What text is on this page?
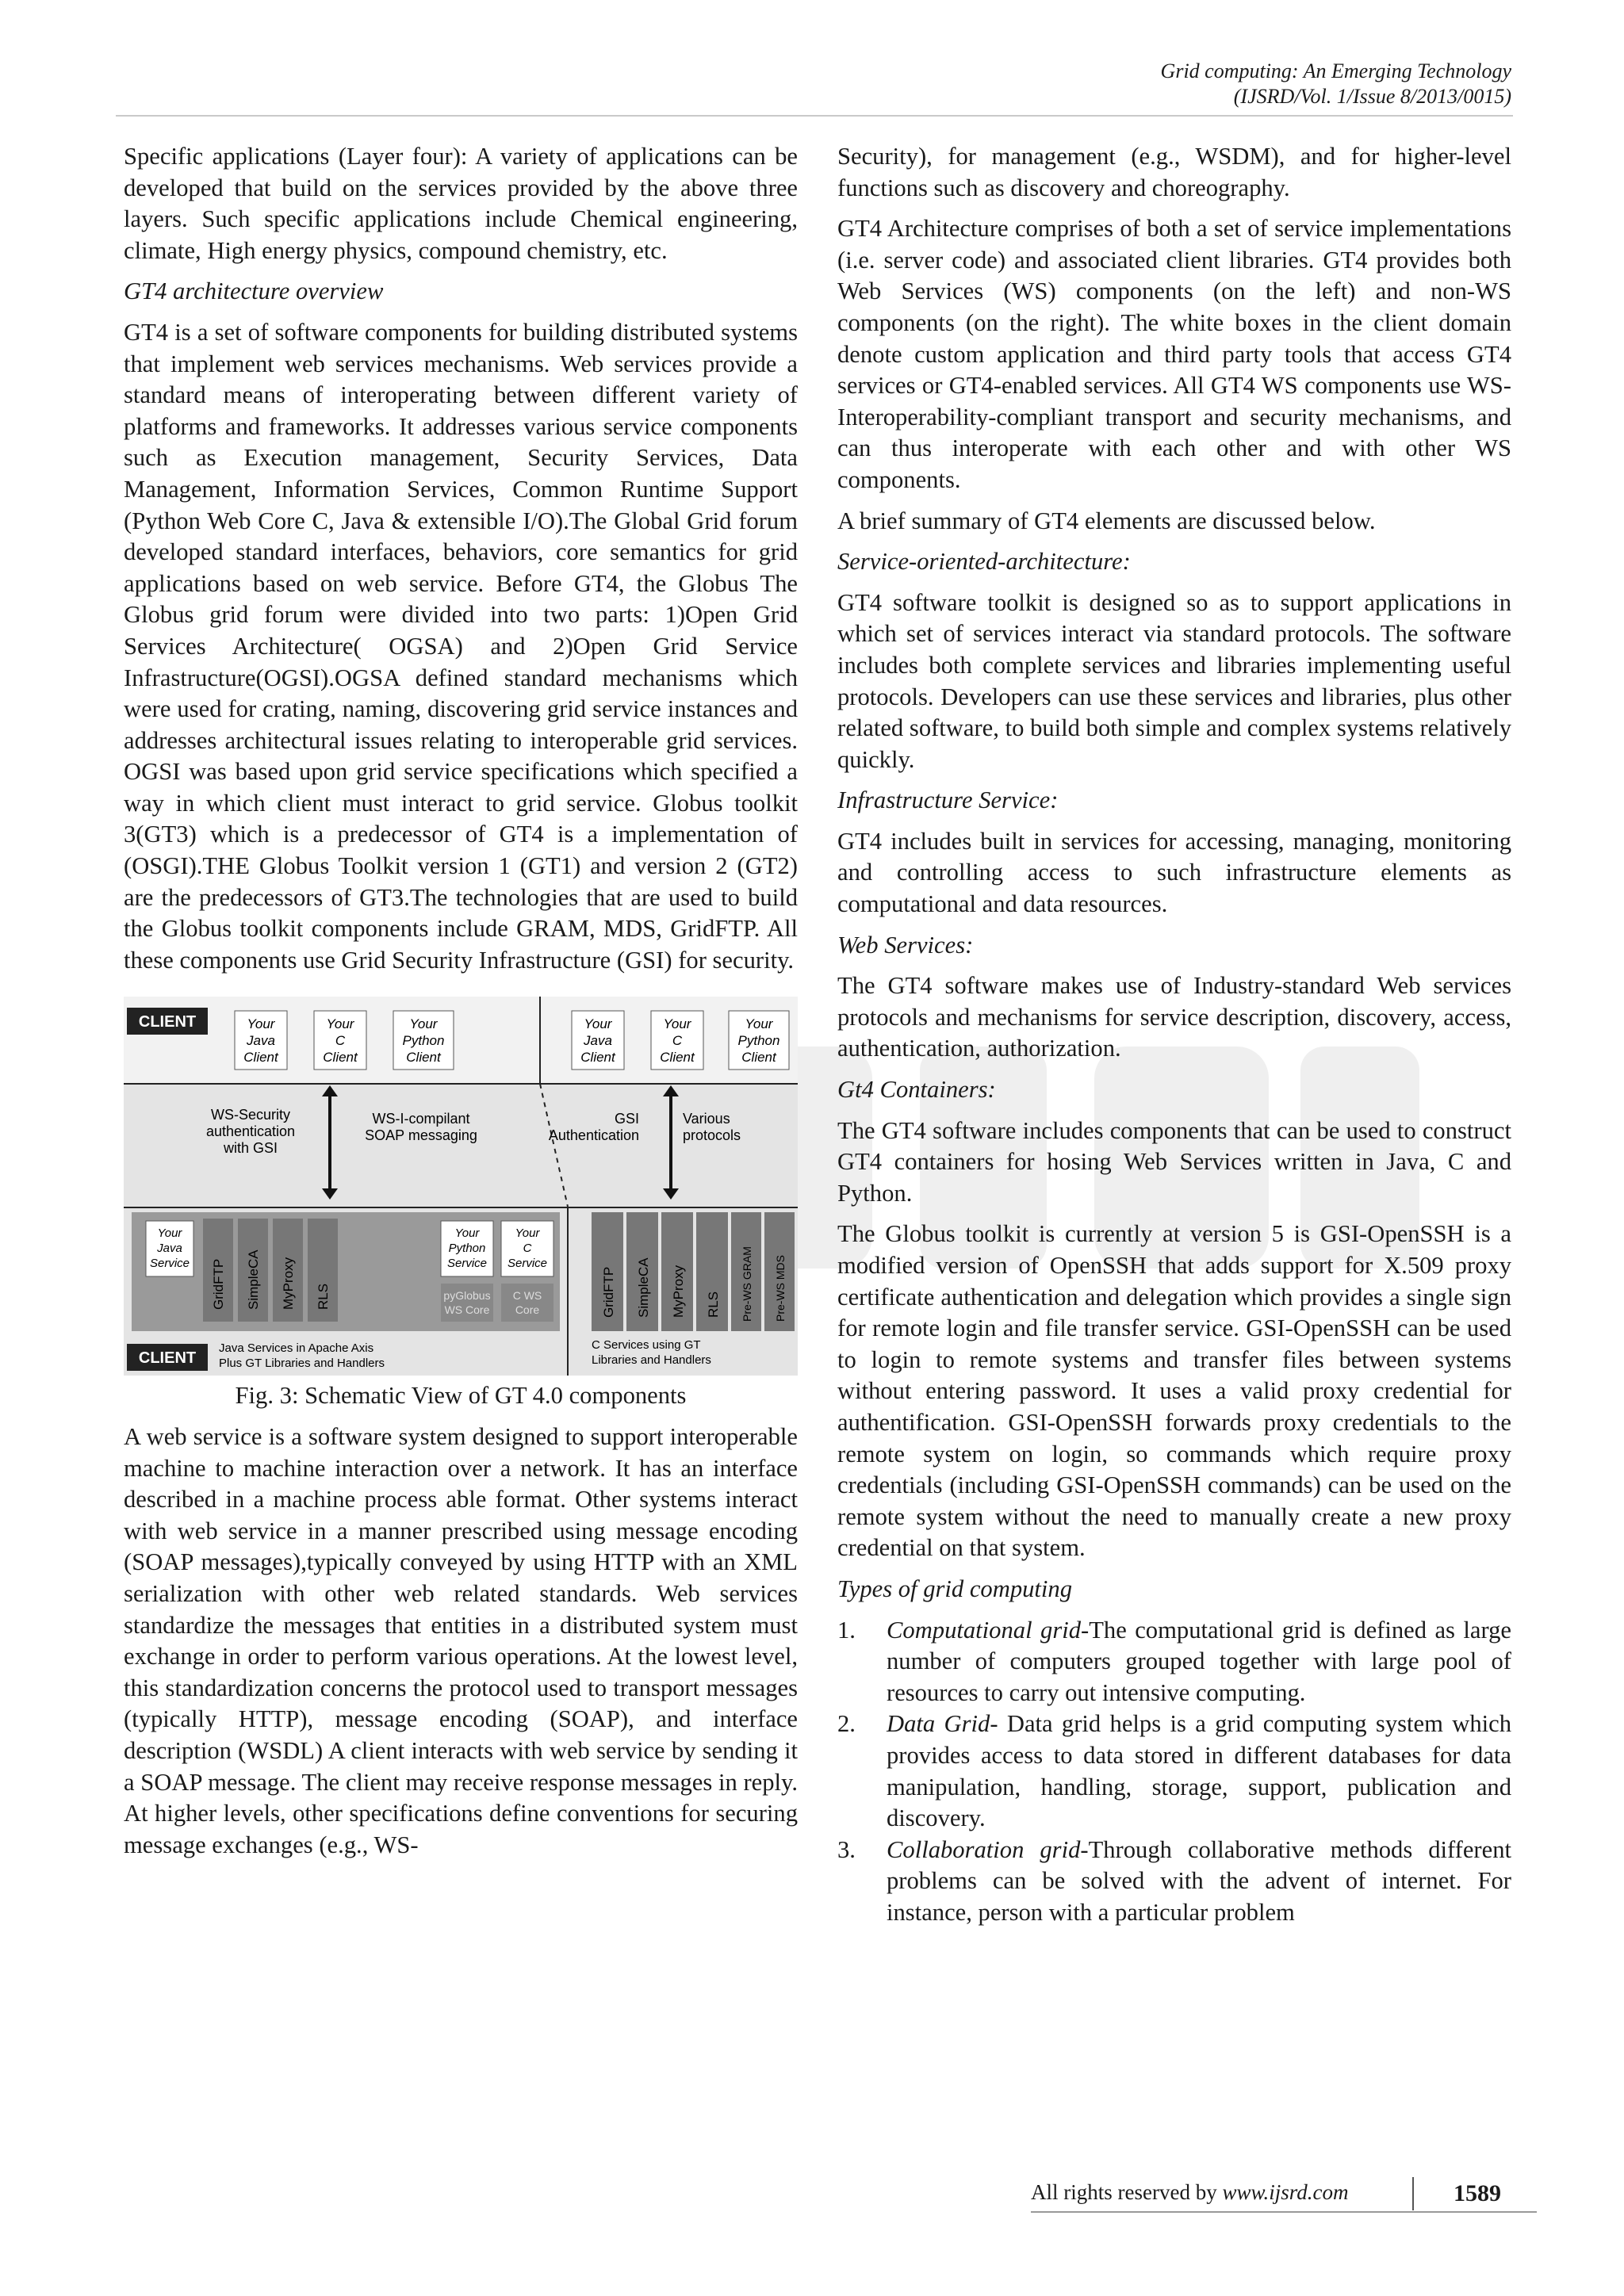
Grid computing: An Emerging Technology
(IJSRD/Vol. 1/Issue 8/2013/0015)

Specific applications (Layer four): A variety of applications can be developed that build on the services provided by the above three layers. Such specific applications include Chemical engineering, climate, High energy physics, compound chemistry, etc.

GT4 architecture overview

GT4 is a set of software components for building distributed systems that implement web services mechanisms. Web services provide a standard means of interoperating between different variety of platforms and frameworks. It addresses various service components such as Execution management, Security Services, Data Management, Information Services, Common Runtime Support (Python Web Core C, Java & extensible I/O).The Global Grid forum developed standard interfaces, behaviors, core semantics for grid applications based on web service. Before GT4, the Globus The Globus grid forum were divided into two parts: 1)Open Grid Services Architecture( OGSA) and 2)Open Grid Service Infrastructure(OGSI).OGSA defined standard mechanisms which were used for crating, naming, discovering grid service instances and addresses architectural issues relating to interoperable grid services. OGSI was based upon grid service specifications which specified a way in which client must interact to grid service. Globus toolkit 3(GT3) which is a predecessor of GT4 is a implementation of (OSGI).THE Globus Toolkit version 1 (GT1) and version 2 (GT2) are the predecessors of GT3.The technologies that are used to build the Globus toolkit components include GRAM, MDS, GridFTP. All these components use Grid Security Infrastructure (GSI) for security.

CLIENT	Your
Java
Client
Your
C
Client
Your
Python
Client
Your
Java
Client
Your
C
Client
Your
Python
Client
WS-Security
authentication
with GSI
WS-I-compilant
SOAP messaging
GSI
Authentication
Various
protocols
Your
Java
Service GridFTP SimpleCA MyProxy RLS
Your
Python
Service
Your
C
Service
pyGlobus
WS Core
C WS
Core	GridFTP SimpleCA MyProxy RLS Pre-WS GRAM Pre-WS MDS
CLIENT
Java Services in Apache Axis
Plus GT Libraries and Handlers
C Services using GT
Libraries and Handlers

Fig. 3: Schematic View of GT 4.0 components

A web service is a software system designed to support interoperable machine to machine interaction over a network. It has an interface described in a machine process able format. Other systems interact with web service in a manner prescribed using message encoding (SOAP messages),typically conveyed by using HTTP with an XML serialization with other web related standards. Web services standardize the messages that entities in a distributed system must exchange in order to perform various operations. At the lowest level, this standardization concerns the protocol used to transport messages (typically HTTP), message encoding (SOAP), and interface description (WSDL) A client interacts with web service by sending it a SOAP message. The client may receive response messages in reply. At higher levels, other specifications define conventions for securing message exchanges (e.g., WS-

Security), for management (e.g., WSDM), and for higher-level functions such as discovery and choreography.

GT4 Architecture comprises of both a set of service implementations (i.e. server code) and associated client libraries. GT4 provides both Web Services (WS) components (on the left) and non-WS components (on the right). The white boxes in the client domain denote custom application and third party tools that access GT4 services or GT4-enabled services. All GT4 WS components use WS-Interoperability-compliant transport and security mechanisms, and can thus interoperate with each other and with other WS components.

A brief summary of GT4 elements are discussed below.

Service-oriented-architecture:

GT4 software toolkit is designed so as to support applications in which set of services interact via standard protocols. The software includes both complete services and libraries implementing useful protocols. Developers can use these services and libraries, plus other related software, to build both simple and complex systems relatively quickly.

Infrastructure Service:

GT4 includes built in services for accessing, managing, monitoring and controlling access to such infrastructure elements as computational and data resources.

Web Services:

The GT4 software makes use of Industry-standard Web services protocols and mechanisms for service description, discovery, access, authentication, authorization.

Gt4 Containers:

The GT4 software includes components that can be used to construct GT4 containers for hosing Web Services written in Java, C and Python.

The Globus toolkit is currently at version 5 is GSI-OpenSSH is a modified version of OpenSSH that adds support for X.509 proxy certificate authentication and delegation which provides a single sign for remote login and file transfer service. GSI-OpenSSH can be used to login to remote systems and transfer files between systems without entering password. It uses a valid proxy credential for authentification. GSI-OpenSSH forwards proxy credentials to the remote system on login, so commands which require proxy credentials (including GSI-OpenSSH commands) can be used on the remote system without the need to manually create a new proxy credential on that system.

Types of grid computing

1. Computational grid-The computational grid is defined as large number of computers grouped together with large pool of resources to carry out intensive computing.
2. Data Grid- Data grid helps is a grid computing system which provides access to data stored in different databases for data manipulation, handling, storage, support, publication and discovery.
3. Collaboration grid-Through collaborative methods different problems can be solved with the advent of internet. For instance, person with a particular problem
All rights reserved by www.ijsrd.com	1589
